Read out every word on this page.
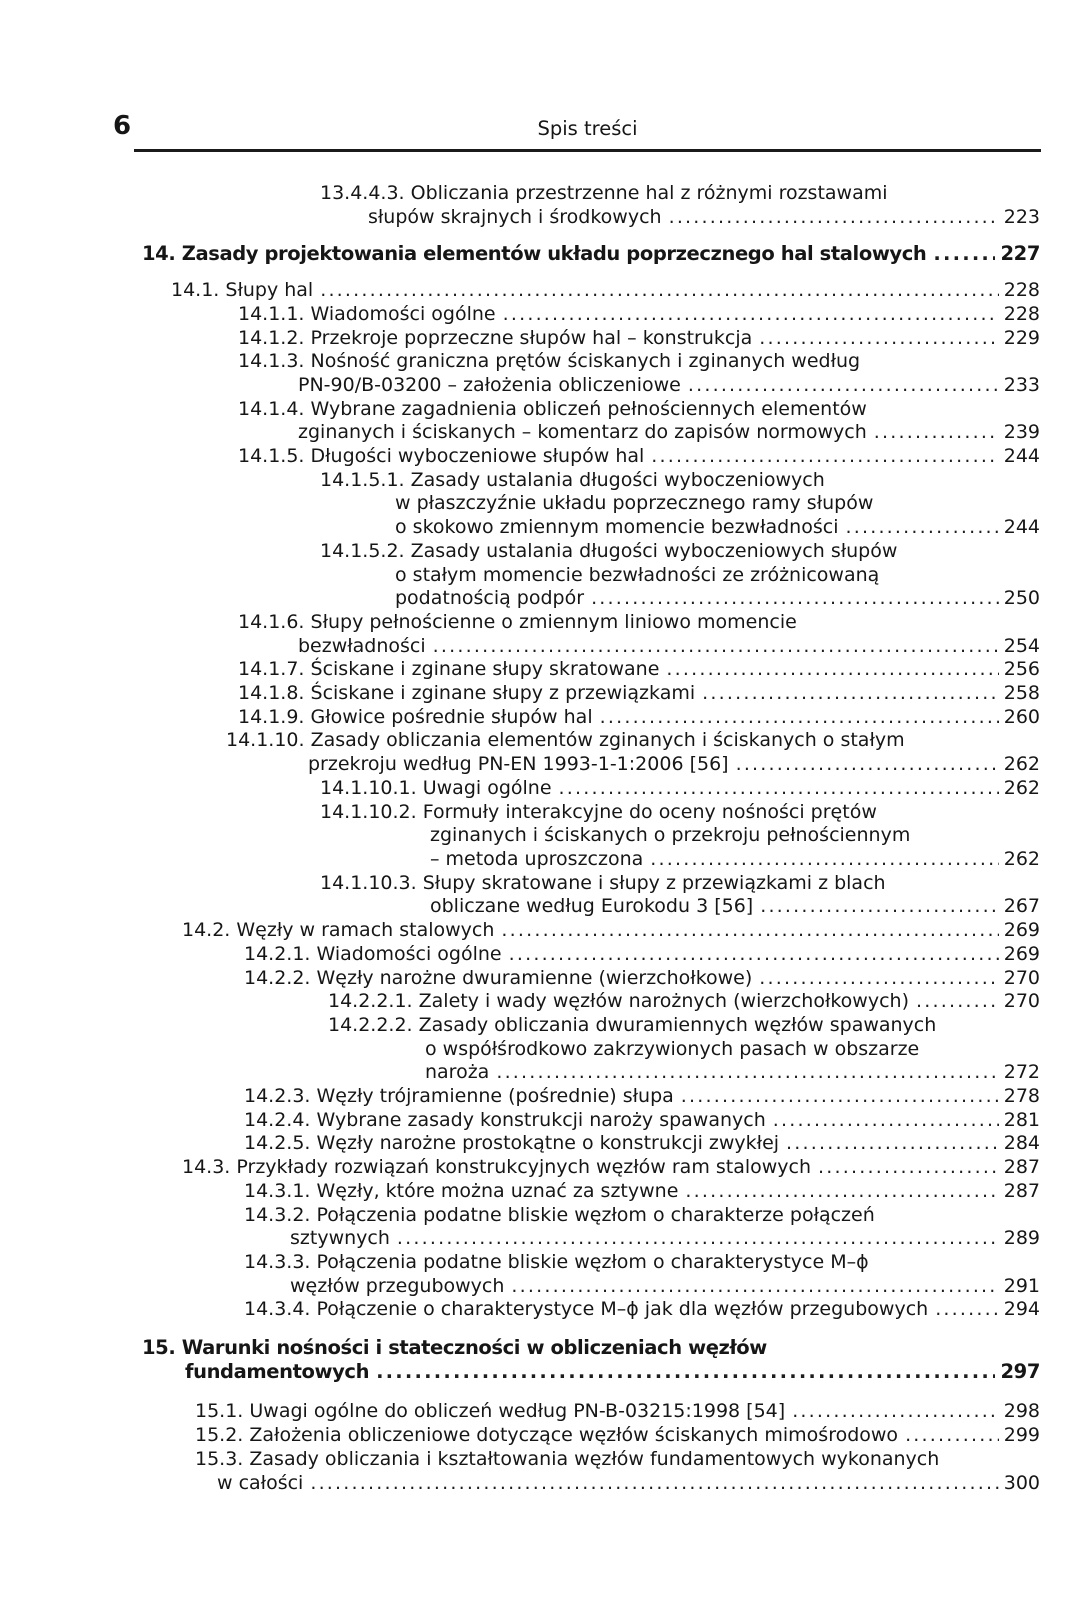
6	Spis treści
13.4.4.3. Obliczania przestrzenne hal z różnymi rozstawami
słupów skrajnych i środkowych .....	223
14. Zasady projektowania elementów układu poprzecznego hal stalowych .....	227
14.1. Słupy hal .....	228
14.1.1. Wiadomości ogólne .....	228
14.1.2. Przekroje poprzeczne słupów hal – konstrukcja .....	229
14.1.3. Nośność graniczna prętów ściskanych i zginanych według
PN-90/B-03200 – założenia obliczeniowe .....	233
14.1.4. Wybrane zagadnienia obliczeń pełnościennych elementów
zginanych i ściskanych – komentarz do zapisów normowych .....	239
14.1.5. Długości wyboczeniowe słupów hal .....	244
14.1.5.1. Zasady ustalania długości wyboczeniowych
w płaszczyźnie układu poprzecznego ramy słupów
o skokowo zmiennym momencie bezwładności .....	244
14.1.5.2. Zasady ustalania długości wyboczeniowych słupów
o stałym momencie bezwładności ze zróżnicowaną
podatnością podpór .....	250
14.1.6. Słupy pełnościenne o zmiennym liniowo momencie
bezwładności .....	254
14.1.7. Ściskane i zginane słupy skratowane .....	256
14.1.8. Ściskane i zginane słupy z przewiązkami .....	258
14.1.9. Głowice pośrednie słupów hal .....	260
14.1.10. Zasady obliczania elementów zginanych i ściskanych o stałym
przekroju według PN-EN 1993-1-1:2006 [56] .....	262
14.1.10.1. Uwagi ogólne .....	262
14.1.10.2. Formuły interakcyjne do oceny nośności prętów
zginanych i ściskanych o przekroju pełnościennym
– metoda uproszczona .....	262
14.1.10.3. Słupy skratowane i słupy z przewiązkami z blach
obliczane według Eurokodu 3 [56] .....	267
14.2. Węzły w ramach stalowych .....	269
14.2.1. Wiadomości ogólne .....	269
14.2.2. Węzły narożne dwuramienne (wierzchołkowe) .....	270
14.2.2.1. Zalety i wady węzłów narożnych (wierzchołkowych) .....	270
14.2.2.2. Zasady obliczania dwuramiennych węzłów spawanych
o współśrodkowo zakrzywionych pasach w obszarze
naroża .....	272
14.2.3. Węzły trójramienne (pośrednie) słupa .....	278
14.2.4. Wybrane zasady konstrukcji naroży spawanych .....	281
14.2.5. Węzły narożne prostokątne o konstrukcji zwykłej .....	284
14.3. Przykłady rozwiązań konstrukcyjnych węzłów ram stalowych .....	287
14.3.1. Węzły, które można uznać za sztywne .....	287
14.3.2. Połączenia podatne bliskie węzłom o charakterze połączeń
sztywnych .....	289
14.3.3. Połączenia podatne bliskie węzłom o charakterystyce M–ϕ
węzłów przegubowych .....	291
14.3.4. Połączenie o charakterystyce M–ϕ jak dla węzłów przegubowych .....	294
15. Warunki nośności i stateczności w obliczeniach węzłów
fundamentowych .....	297
15.1. Uwagi ogólne do obliczeń według PN-B-03215:1998 [54] .....	298
15.2. Założenia obliczeniowe dotyczące węzłów ściskanych mimośrodowo .....	299
15.3. Zasady obliczania i kształtowania węzłów fundamentowych wykonanych
w całości .....	300
